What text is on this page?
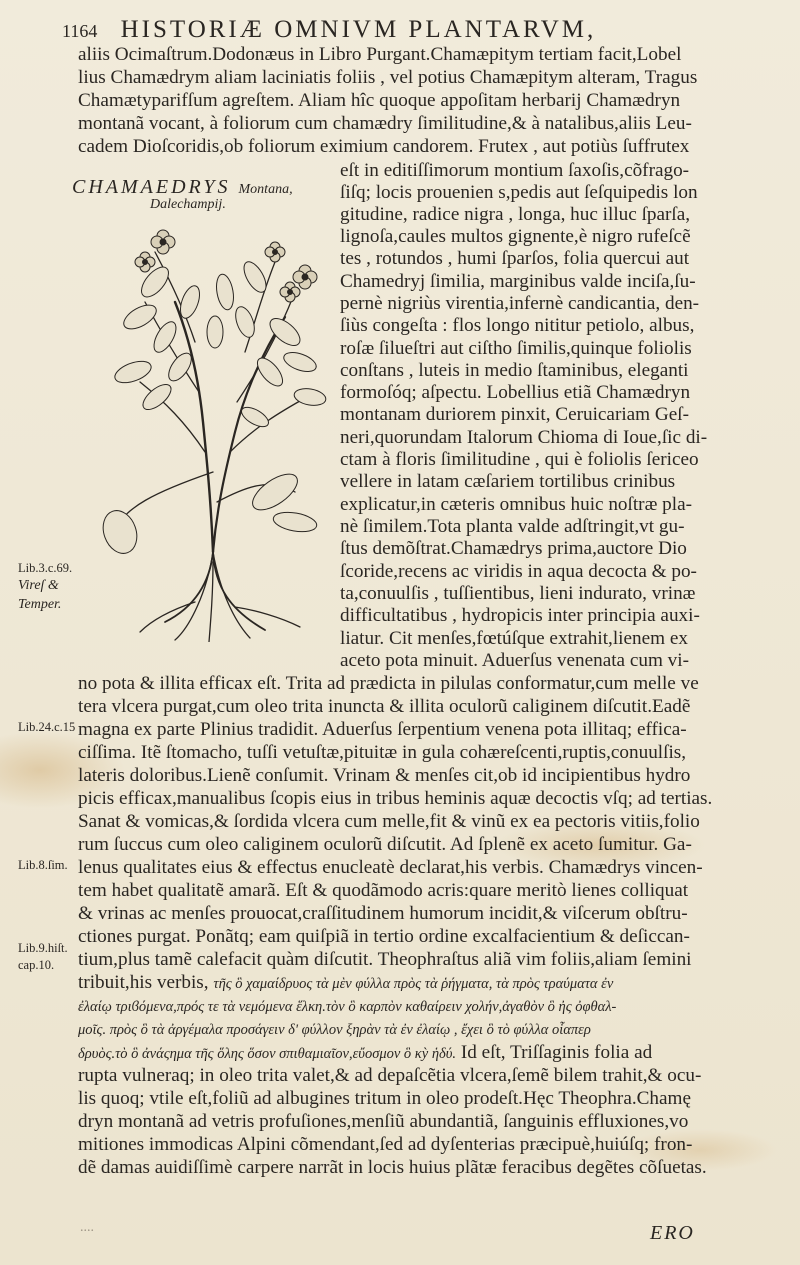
1164 HISTORIÆ OMNIVM PLANTARVM,
aliis Ocimaſtrum.Dodonæus in Libro Purgant.Chamæpitym tertiam facit,Lobel
lius Chamædrym aliam laciniatis foliis , vel potius Chamæpitym alteram, Tragus
Chamætyparifſum agreſtem. Aliam hîc quoque appoſitam herbarij Chamædryn
montanã vocant, à foliorum cum chamædry ſimilitudine,& à natalibus,aliis Leu-
cadem Dioſcoridis,ob foliorum eximium candorem. Frutex , aut potiùs ſuffrutex
CHAMAEDRYS Montana,
Dalechampij.
eſt in editiſſimorum montium ſaxoſis,cõfrago-
ſiſq; locis prouenien s,pedis aut ſeſquipedis lon
gitudine, radice nigra , longa, huc illuc ſparſa,
lignoſa,caules multos gignente,è nigro rufeſcẽ
tes , rotundos , humi ſparſos, folia quercui aut
Chamedryj ſimilia, marginibus valde inciſa,ſu-
pernè nigriùs virentia,infernè candicantia, den-
ſiùs congeſta : flos longo nititur petiolo, albus,
roſæ ſilueſtri aut ciſtho ſimilis,quinque foliolis
conſtans , luteis in medio ſtaminibus, eleganti
formoſóq; aſpectu. Lobellius etiã Chamædryn
montanam duriorem pinxit, Ceruicariam Geſ-
neri,quorundam Italorum Chioma di Ioue,ſic di-
ctam à floris ſimilitudine , qui è foliolis ſericeo
vellere in latam cæſariem tortilibus crinibus
explicatur,in cæteris omnibus huic noſtræ pla-
nè ſimilem.Tota planta valde adſtringit,vt gu-
ſtus demõſtrat.Chamædrys prima,auctore Dio
ſcoride,recens ac viridis in aqua decocta & po-
ta,conuulſis , tuſſientibus, lieni indurato, vrinæ
difficultatibus , hydropicis inter principia auxi-
liatur. Cit menſes,fœtúſque extrahit,lienem ex
aceto pota minuit. Aduerſus venenata cum vi-
no pota & illita efficax eſt. Trita ad prædicta in pilulas conformatur,cum melle ve
tera vlcera purgat,cum oleo trita inuncta & illita oculorũ caliginem diſcutit.Eadẽ
magna ex parte Plinius tradidit. Aduerſus ſerpentium venena pota illitaq; effica-
ciſſima. Itẽ ſtomacho, tuſſi vetuſtæ,pituitæ in gula cohæreſcenti,ruptis,conuulſis,
lateris doloribus.Lienẽ conſumit. Vrinam & menſes cit,ob id incipientibus hydro
picis efficax,manualibus ſcopis eius in tribus heminis aquæ decoctis vſq; ad tertias.
Sanat & vomicas,& ſordida vlcera cum melle,fit & vinũ ex ea pectoris vitiis,folio
rum ſuccus cum oleo caliginem oculorũ diſcutit. Ad ſplenẽ ex aceto ſumitur. Ga-
lenus qualitates eius & effectus enucleatè declarat,his verbis. Chamædrys vincen-
tem habet qualitatẽ amarã. Eſt & quodãmodo acris:quare meritò lienes colliquat
& vrinas ac menſes prouocat,craſſitudinem humorum incidit,& viſcerum obſtru-
ctiones purgat. Ponãtq; eam quiſpiã in tertio ordine excalfacientium & deſiccan-
tium,plus tamẽ calefacit quàm diſcutit. Theophraſtus aliã vim foliis,aliam ſemini
tribuit,his verbis, τῆς ὃ χαμαίδρυος τὰ μὲν φύλλα πρὸς τὰ ῥήγματα, τὰ πρὸς τραύματα ἐν
ἐλαίῳ τριϐόμενα,πρός τε τὰ νεμόμενα ἕλκη.τὸν ὃ καρπὸν καθαίρειν χολήν,ἀγαθὸν ὃ ἠς ὀφθαλ-
μοῖς. πρὸς ὃ τὰ ἀργέμαλα προσάγειν δ' φύλλον ξηρὰν τὰ ἐν ἐλαίῳ , ἔχει ὃ τὸ φύλλα οἷαπερ
δρυὸς.τὸ ὃ ἀνάςημα τῆς ὅλης ὅσον σπιθαμιαῖον,εὔοσμον ὃ κỳ ἡδύ. Id eſt, Triſſaginis folia ad
rupta vulneraq; in oleo trita valet,& ad depaſcẽtia vlcera,ſemẽ bilem trahit,& ocu-
lis quoq; vtile eſt,foliũ ad albugines tritum in oleo prodeſt.Hęc Theophra.Chamę
dryn montanã ad vetris profuſiones,menſiũ abundantiã, ſanguinis effluxiones,vo
mitiones immodicas Alpini cõmendant,ſed ad dyſenterias præcipuè,huiúſq; fron-
dẽ damas auidiſſimè carpere narrãt in locis huius plãtæ feracibus degẽtes cõſuetas.
Lib.3.c.69.
Vireſ &
Temper.
Lib.24.c.15
Lib.8.ſim.
Lib.9.hiſt.
cap.10.
....	ERO
